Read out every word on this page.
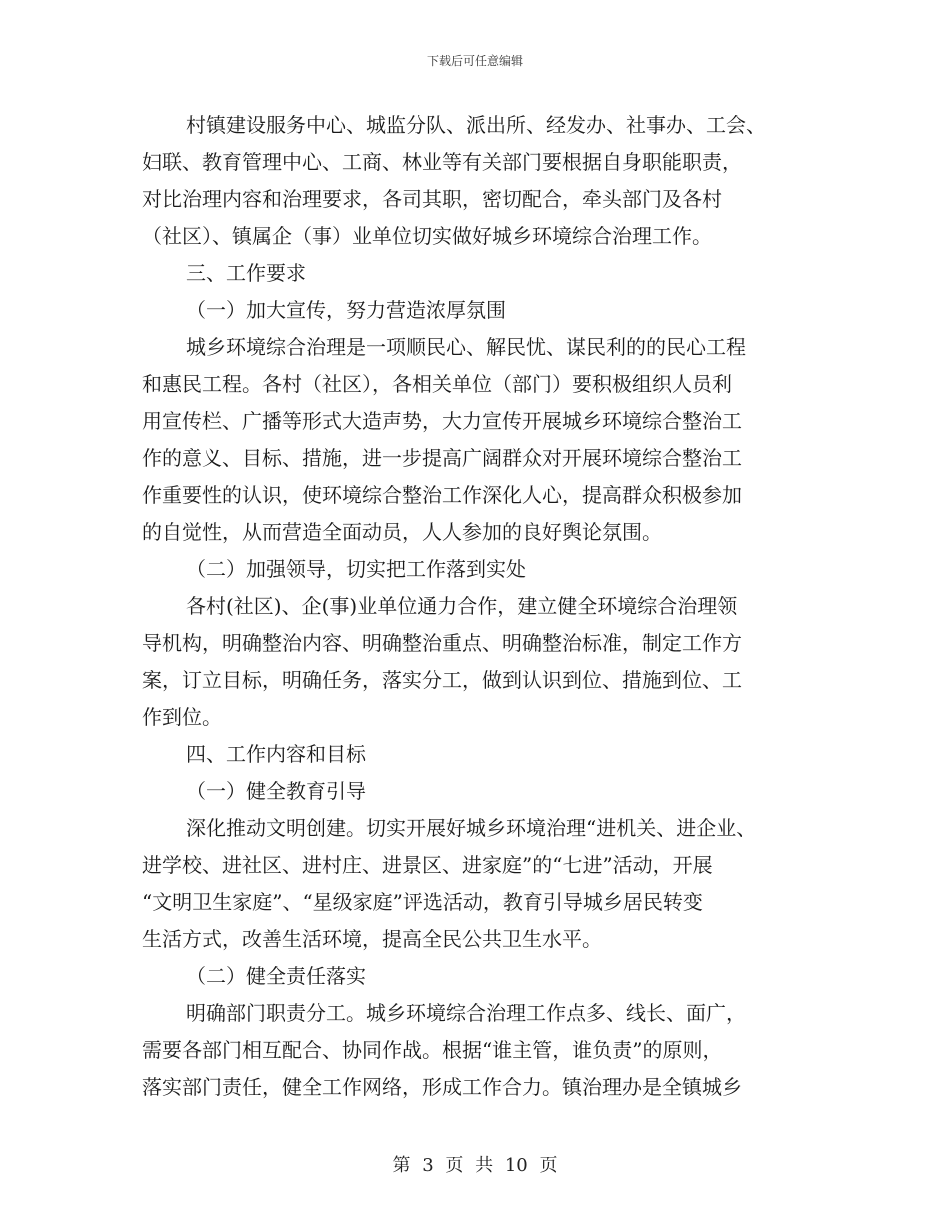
下载后可任意编辑

村镇建设服务中心、城监分队、派出所、经发办、社事办、工会、

妇联、教育管理中心、工商、林业等有关部门要根据自身职能职责，

对比治理内容和治理要求，各司其职，密切配合，牵头部门及各村

（社区）、镇属企（事）业单位切实做好城乡环境综合治理工作。

三、工作要求

（一）加大宣传，努力营造浓厚氛围

城乡环境综合治理是一项顺民心、解民忧、谋民利的的民心工程

和惠民工程。各村（社区），各相关单位（部门）要积极组织人员利

用宣传栏、广播等形式大造声势，大力宣传开展城乡环境综合整治工

作的意义、目标、措施，进一步提高广阔群众对开展环境综合整治工

作重要性的认识，使环境综合整治工作深化人心，提高群众积极参加

的自觉性，从而营造全面动员，人人参加的良好舆论氛围。

（二）加强领导，切实把工作落到实处

各村(社区)、企(事)业单位通力合作，建立健全环境综合治理领

导机构，明确整治内容、明确整治重点、明确整治标准，制定工作方

案，订立目标，明确任务，落实分工，做到认识到位、措施到位、工

作到位。

四、工作内容和目标

（一）健全教育引导

深化推动文明创建。切实开展好城乡环境治理“进机关、进企业、

进学校、进社区、进村庄、进景区、进家庭”的“七进”活动，开展

“文明卫生家庭”、“星级家庭”评选活动，教育引导城乡居民转变

生活方式，改善生活环境，提高全民公共卫生水平。

（二）健全责任落实

明确部门职责分工。城乡环境综合治理工作点多、线长、面广，

需要各部门相互配合、协同作战。根据“谁主管，谁负责”的原则，

落实部门责任，健全工作网络，形成工作合力。镇治理办是全镇城乡

第 3 页 共 10 页
